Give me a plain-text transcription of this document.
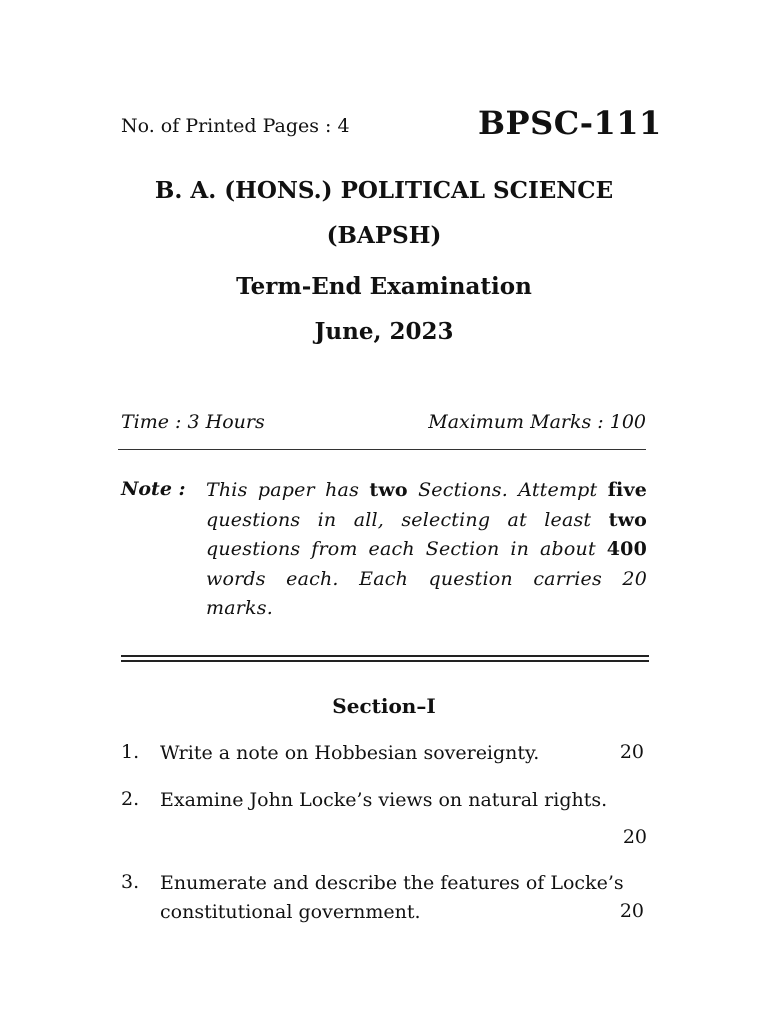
No. of Printed Pages : 4	BPSC-111
B. A. (HONS.) POLITICAL SCIENCE
(BAPSH)
Term-End Examination
June, 2023
Time : 3 Hours	Maximum Marks : 100
Note : This paper has two Sections. Attempt five questions in all, selecting at least two questions from each Section in about 400 words each. Each question carries 20 marks.
Section–I
1. Write a note on Hobbesian sovereignty.	20
2. Examine John Locke’s views on natural rights.
20
3. Enumerate and describe the features of Locke’s constitutional government.	20
